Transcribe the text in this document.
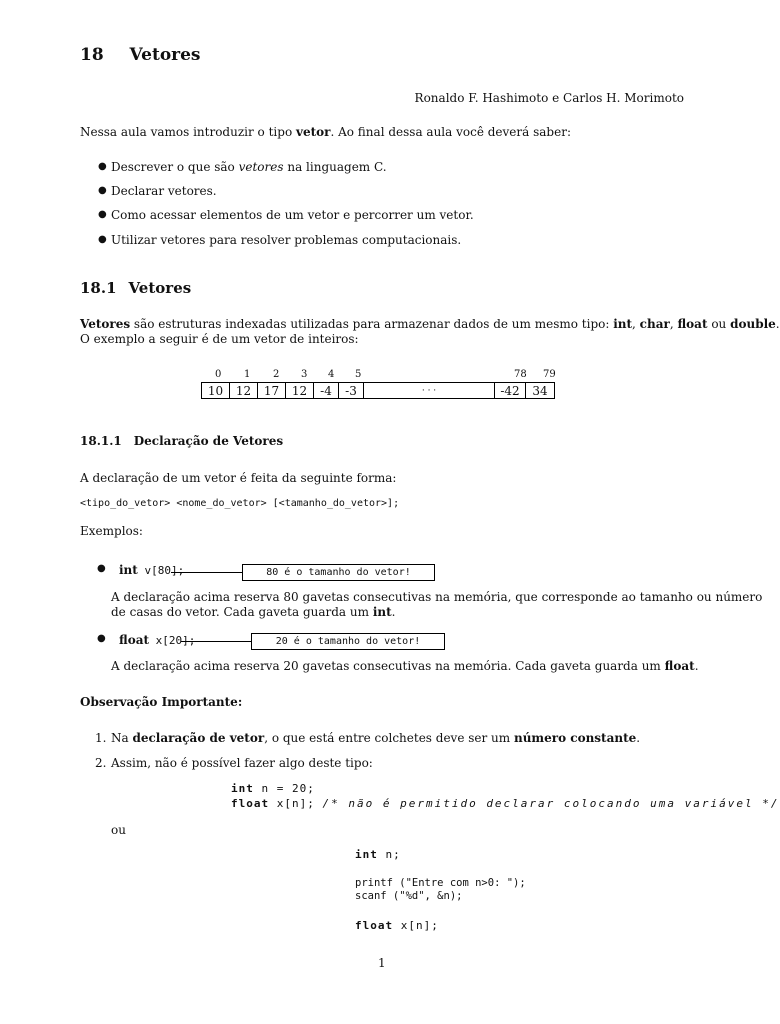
18 Vetores
Ronaldo F. Hashimoto e Carlos H. Morimoto
Nessa aula vamos introduzir o tipo vetor. Ao final dessa aula você deverá saber:
● Descrever o que são vetores na linguagem C.
● Declarar vetores.
● Como acessar elementos de um vetor e percorrer um vetor.
● Utilizar vetores para resolver problemas computacionais.
18.1 Vetores
Vetores são estruturas indexadas utilizadas para armazenar dados de um mesmo tipo: int, char, float ou double.
O exemplo a seguir é de um vetor de inteiros:
0 1 2 3 4 5	78 79
10	12	17	12	-4	-3	· · ·	-42	34
18.1.1 Declaração de Vetores
A declaração de um vetor é feita da seguinte forma:
<tipo_do_vetor> <nome_do_vetor> [<tamanho_do_vetor>];
Exemplos:
● int v[80];	80 é o tamanho do vetor!
A declaração acima reserva 80 gavetas consecutivas na memória, que corresponde ao tamanho ou número
de casas do vetor. Cada gaveta guarda um int.
● float x[20];	20 é o tamanho do vetor!
A declaração acima reserva 20 gavetas consecutivas na memória. Cada gaveta guarda um float.
Observação Importante:
1. Na declaração de vetor, o que está entre colchetes deve ser um número constante.
2. Assim, não é possível fazer algo deste tipo:
int n = 20;
float x[n]; /* não é permitido declarar colocando uma variável */
ou
int n;
printf ("Entre com n>0: ");
scanf ("%d", &n);
float x[n];
1
